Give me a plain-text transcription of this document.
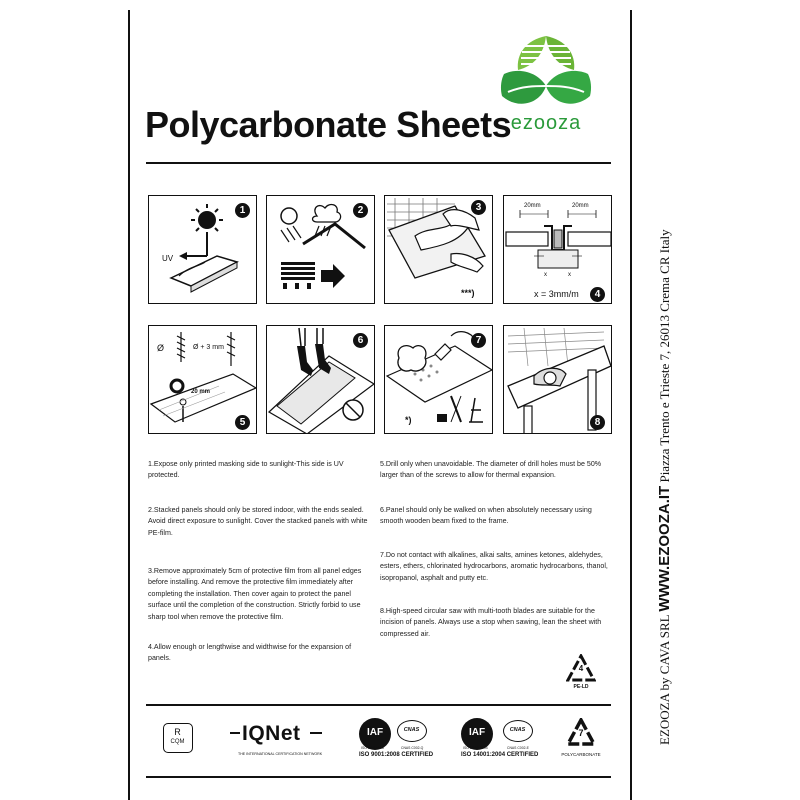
ezooza
Polycarbonate Sheets
UV
1	2
***)
3	20mm	20mm
x	x
x = 3mm/m	4
Ø	Ø + 3 mm
20 mm
5
6
*)
7
8
1.Expose only printed masking side to sunlight-This side is UV protected.
2.Stacked panels should only be stored indoor, with the ends sealed. Avoid direct exposure to sunlight. Cover the stacked panels with white PE-film.
3.Remove approximately 5cm of protective film from all panel edges before installing. And remove the protective film immediately after completing the installation. Then cover again to protect the panel surface until the completion of the construction. Strictly forbid to use sharp tool when remove the protective film.
4.Allow enough or lengthwise and widthwise for the expansion of panels.
5.Drill only when unavoidable. The diameter of drill holes must be 50% larger than of the screws to allow for thermal expansion.
6.Panel should only be walked on when absolutely necessary using smooth wooden beam fixed to the frame.
7.Do not contact with alkalines, alkai salts, amines ketones, aldehydes, esters, ethers, chlorinated hydrocarbons, aromatic hydrocarbons, thanol, isopropanol, asphalt and putty etc.
8.High-speed circular saw with multi-tooth blades are suitable for the incision of panels. Always use a stop when sawing, lean the sheet with compressed air.
4
PE-LD
R
CQM	IQNet
THE INTERNATIONAL CERTIFICATION NETWORK
IAF	CNAS
ISO 9001:2008	CNAS C002-Q
ISO 9001:2008 CERTIFIED
IAF	CNAS
ISO 14001:2004	CNAS C002-E
ISO 14001:2004 CERTIFIED
7
POLYCARBONATE
EZOOZA by CAVA SRL WWW.EZOOZA.IT Piazza Trento e Trieste 7, 26013 Crema CR Italy
